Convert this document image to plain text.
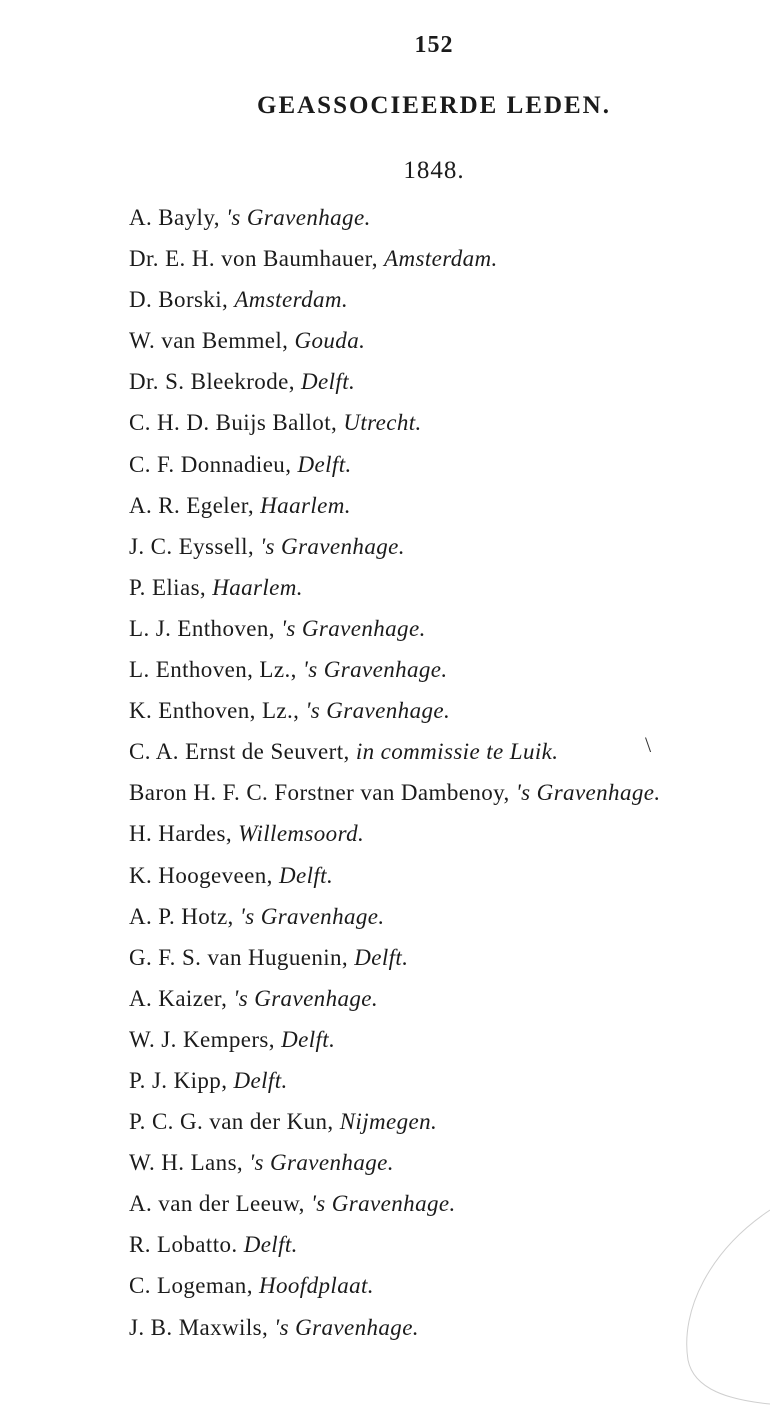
152
GEASSOCIEERDE LEDEN.
1848.
A. Bayly, 's Gravenhage.
Dr. E. H. von Baumhauer, Amsterdam.
D. Borski, Amsterdam.
W. van Bemmel, Gouda.
Dr. S. Bleekrode, Delft.
C. H. D. Buijs Ballot, Utrecht.
C. F. Donnadieu, Delft.
A. R. Egeler, Haarlem.
J. C. Eyssell, 's Gravenhage.
P. Elias, Haarlem.
L. J. Enthoven, 's Gravenhage.
L. Enthoven, Lz., 's Gravenhage.
K. Enthoven, Lz., 's Gravenhage.
C. A. Ernst de Seuvert, in commissie te Luik.
Baron H. F. C. Forstner van Dambenoy, 's Gravenhage.
H. Hardes, Willemsoord.
K. Hoogeveen, Delft.
A. P. Hotz, 's Gravenhage.
G. F. S. van Huguenin, Delft.
A. Kaizer, 's Gravenhage.
W. J. Kempers, Delft.
P. J. Kipp, Delft.
P. C. G. van der Kun, Nijmegen.
W. H. Lans, 's Gravenhage.
A. van der Leeuw, 's Gravenhage.
R. Lobatto. Delft.
C. Logeman, Hoofdplaat.
J. B. Maxwils, 's Gravenhage.
\
